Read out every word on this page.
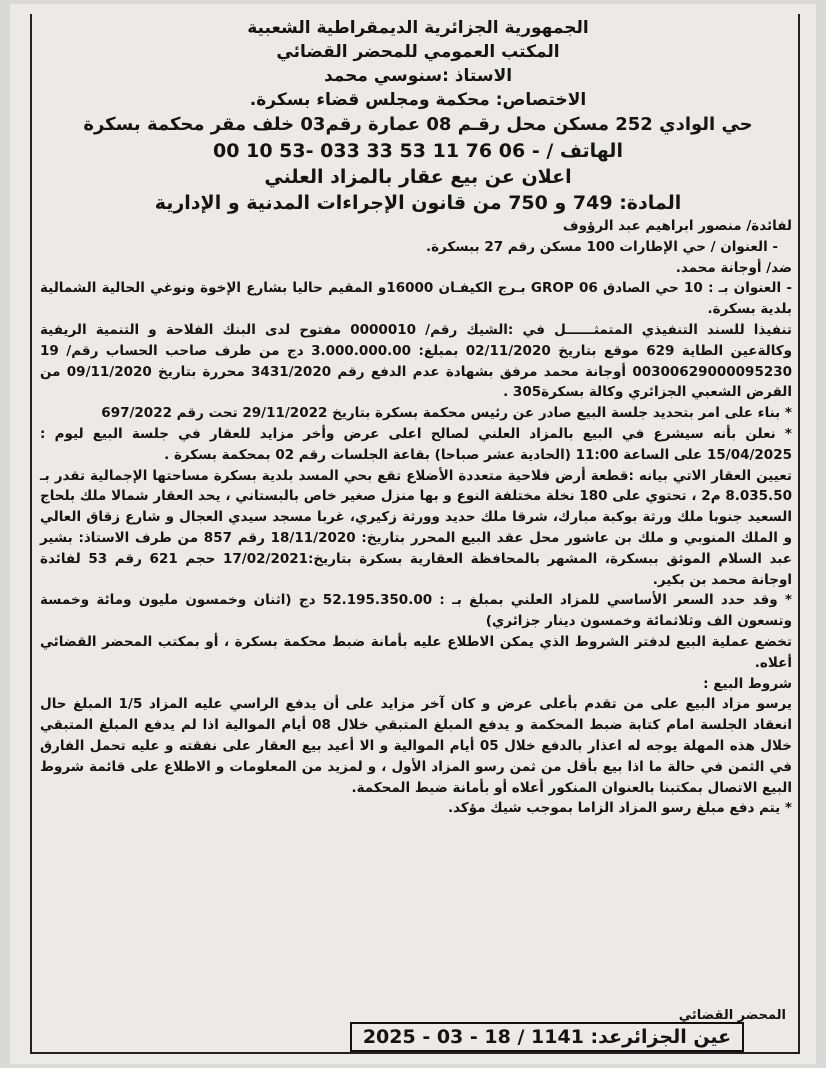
الجمهورية الجزائرية الديمقراطية الشعبية
المكتب العمومي للمحضر القضائي
الاستاذ :سنوسي محمد
الاختصاص: محكمة ومجلس قضاء بسكرة.
حي الوادي 252 مسكن محل رقـم 08 عمارة رقم03 خلف مقر محكمة بسكرة
الهاتف / - 06 76 11 53 33 033 -53 10 00
اعلان عن بيع عقار بالمزاد العلني
المادة: 749 و 750 من قانون الإجراءات المدنية و الإدارية

لفائدة/ منصور ابراهيم عبد الرؤوف

- العنوان / حي الإطارات 100 مسكن رقم 27 ببسكرة.

ضد/ أوجانة محمد.

- العنوان بـ : 10 حي الصادق GROP 06 بـرج الكيفـان 16000و المقيم حاليا بشارع الإخوة ونوغي الحالية الشمالية بلدية بسكرة.

تنفيذا للسند التنفيذي المتمثــــــل في :الشيك رقم/ 0000010 مفتوح لدى البنك الفلاحة و التنمية الريفية وكالةعين الطاية 629 موقع بتاريخ 02/11/2020 بمبلغ: 3.000.000.00 دج من طرف صاحب الحساب رقم/ 19 00300629000095230 أوجانة محمد مرفق بشهادة عدم الدفع رقم 3431/2020 محررة بتاريخ 09/11/2020 من القرض الشعبي الجزائري وكالة بسكرة305 .

* بناء على امر بتحديد جلسة البيع صادر عن رئيس محكمة بسكرة بتاريخ 29/11/2022 تحت رقم 697/2022

* نعلن بأنه سيشرع في البيع بالمزاد العلني لصالح اعلى عرض وأخر مزايد للعقار في جلسة البيع ليوم : 15/04/2025 على الساعة 11:00 (الحادية عشر صباحا) بقاعة الجلسات رقم 02 بمحكمة بسكرة .

تعيين العقار الاتي بيانه :قطعة أرض فلاحية متعددة الأضلاع تقع بحي المسد بلدية بسكرة مساحتها الإجمالية تقدر بـ 8.035.50 م2 ، تحتوي على 180 نخلة مختلفة النوع و بها منزل صغير خاص بالبستاني ، يحد العقار شمالا ملك بلحاج السعيد جنوبا ملك ورثة بوكبة مبارك، شرقا ملك حديد وورثة زكيري، غربا مسجد سيدي العجال و شارع زقاق العالي و الملك المنوبي و ملك بن عاشور محل عقد البيع المحرر بتاريخ: 18/11/2020 رقم 857 من طرف الاستاذ: بشير عبد السلام الموثق ببسكرة، المشهر بالمحافظة العقارية بسكرة بتاريخ:17/02/2021 حجم 621 رقم 53 لفائدة اوجانة محمد بن بكير.

* وقد حدد السعر الأساسي للمزاد العلني بمبلغ بـ : 52.195.350.00 دج (اثنان وخمسون مليون ومائة وخمسة وتسعون الف وثلاثمائة وخمسون دينار جزائري)

تخضع عملية البيع لدفتر الشروط الذي يمكن الاطلاع عليه بأمانة ضبط محكمة بسكرة ، أو بمكتب المحضر القضائي أعلاه.

شروط البيع :

يرسو مزاد البيع على من تقدم بأعلى عرض و كان آخر مزايد على أن يدفع الراسي عليه المزاد 1/5 المبلغ حال انعقاد الجلسة امام كتابة ضبط المحكمة و يدفع المبلغ المتبقي خلال 08 أيام الموالية اذا لم يدفع المبلغ المتبقي خلال هذه المهلة يوجه له اعذار بالدفع خلال 05 أيام الموالية و الا أعيد بيع العقار على نفقته و عليه تحمل الفارق في الثمن في حالة ما اذا بيع بأقل من ثمن رسو المزاد الأول ، و لمزيد من المعلومات و الاطلاع على قائمة شروط البيع الاتصال بمكتبنا بالعنوان المنكور أعلاه أو بأمانة ضبط المحكمة.

* يتم دفع مبلغ رسو المزاد الزاما بموجب شيك مؤكد.

المحضر القضائي
عين الجزائرعد: 1141 / 18 - 03 - 2025
